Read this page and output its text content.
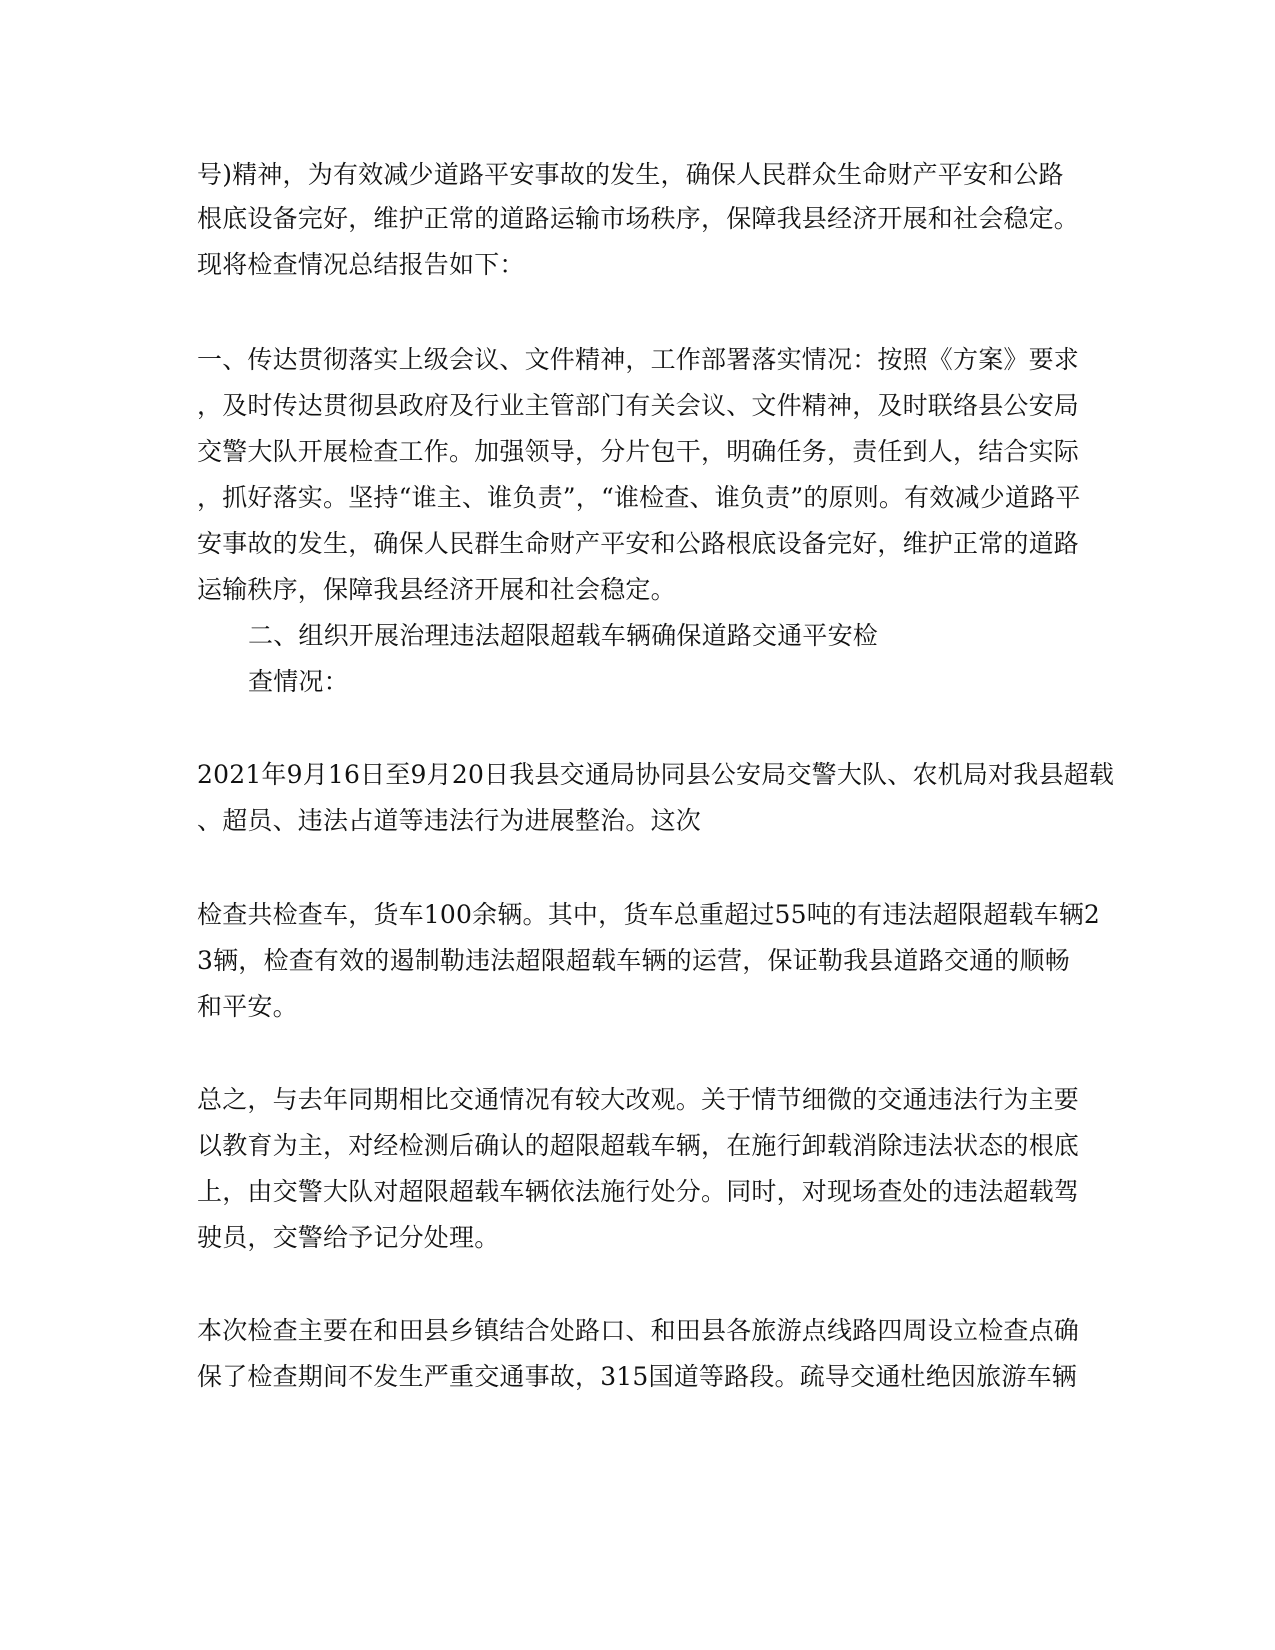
号)精神，为有效减少道路平安事故的发生，确保人民群众生命财产平安和公路
根底设备完好，维护正常的道路运输市场秩序，保障我县经济开展和社会稳定。
现将检查情况总结报告如下：
一、传达贯彻落实上级会议、文件精神，工作部署落实情况：按照《方案》要求
，及时传达贯彻县政府及行业主管部门有关会议、文件精神，及时联络县公安局
交警大队开展检查工作。加强领导，分片包干，明确任务，责任到人，结合实际
，抓好落实。坚持“谁主、谁负责”，“谁检查、谁负责”的原则。有效减少道路平
安事故的发生，确保人民群生命财产平安和公路根底设备完好，维护正常的道路
运输秩序，保障我县经济开展和社会稳定。
二、组织开展治理违法超限超载车辆确保道路交通平安检
查情况：
2021年9月16日至9月20日我县交通局协同县公安局交警大队、农机局对我县超载
、超员、违法占道等违法行为进展整治。这次
检查共检查车，货车100余辆。其中，货车总重超过55吨的有违法超限超载车辆2
3辆，检查有效的遏制勒违法超限超载车辆的运营，保证勒我县道路交通的顺畅
和平安。
总之，与去年同期相比交通情况有较大改观。关于情节细微的交通违法行为主要
以教育为主，对经检测后确认的超限超载车辆，在施行卸载消除违法状态的根底
上，由交警大队对超限超载车辆依法施行处分。同时，对现场查处的违法超载驾
驶员，交警给予记分处理。
本次检查主要在和田县乡镇结合处路口、和田县各旅游点线路四周设立检查点确
保了检查期间不发生严重交通事故，315国道等路段。疏导交通杜绝因旅游车辆
